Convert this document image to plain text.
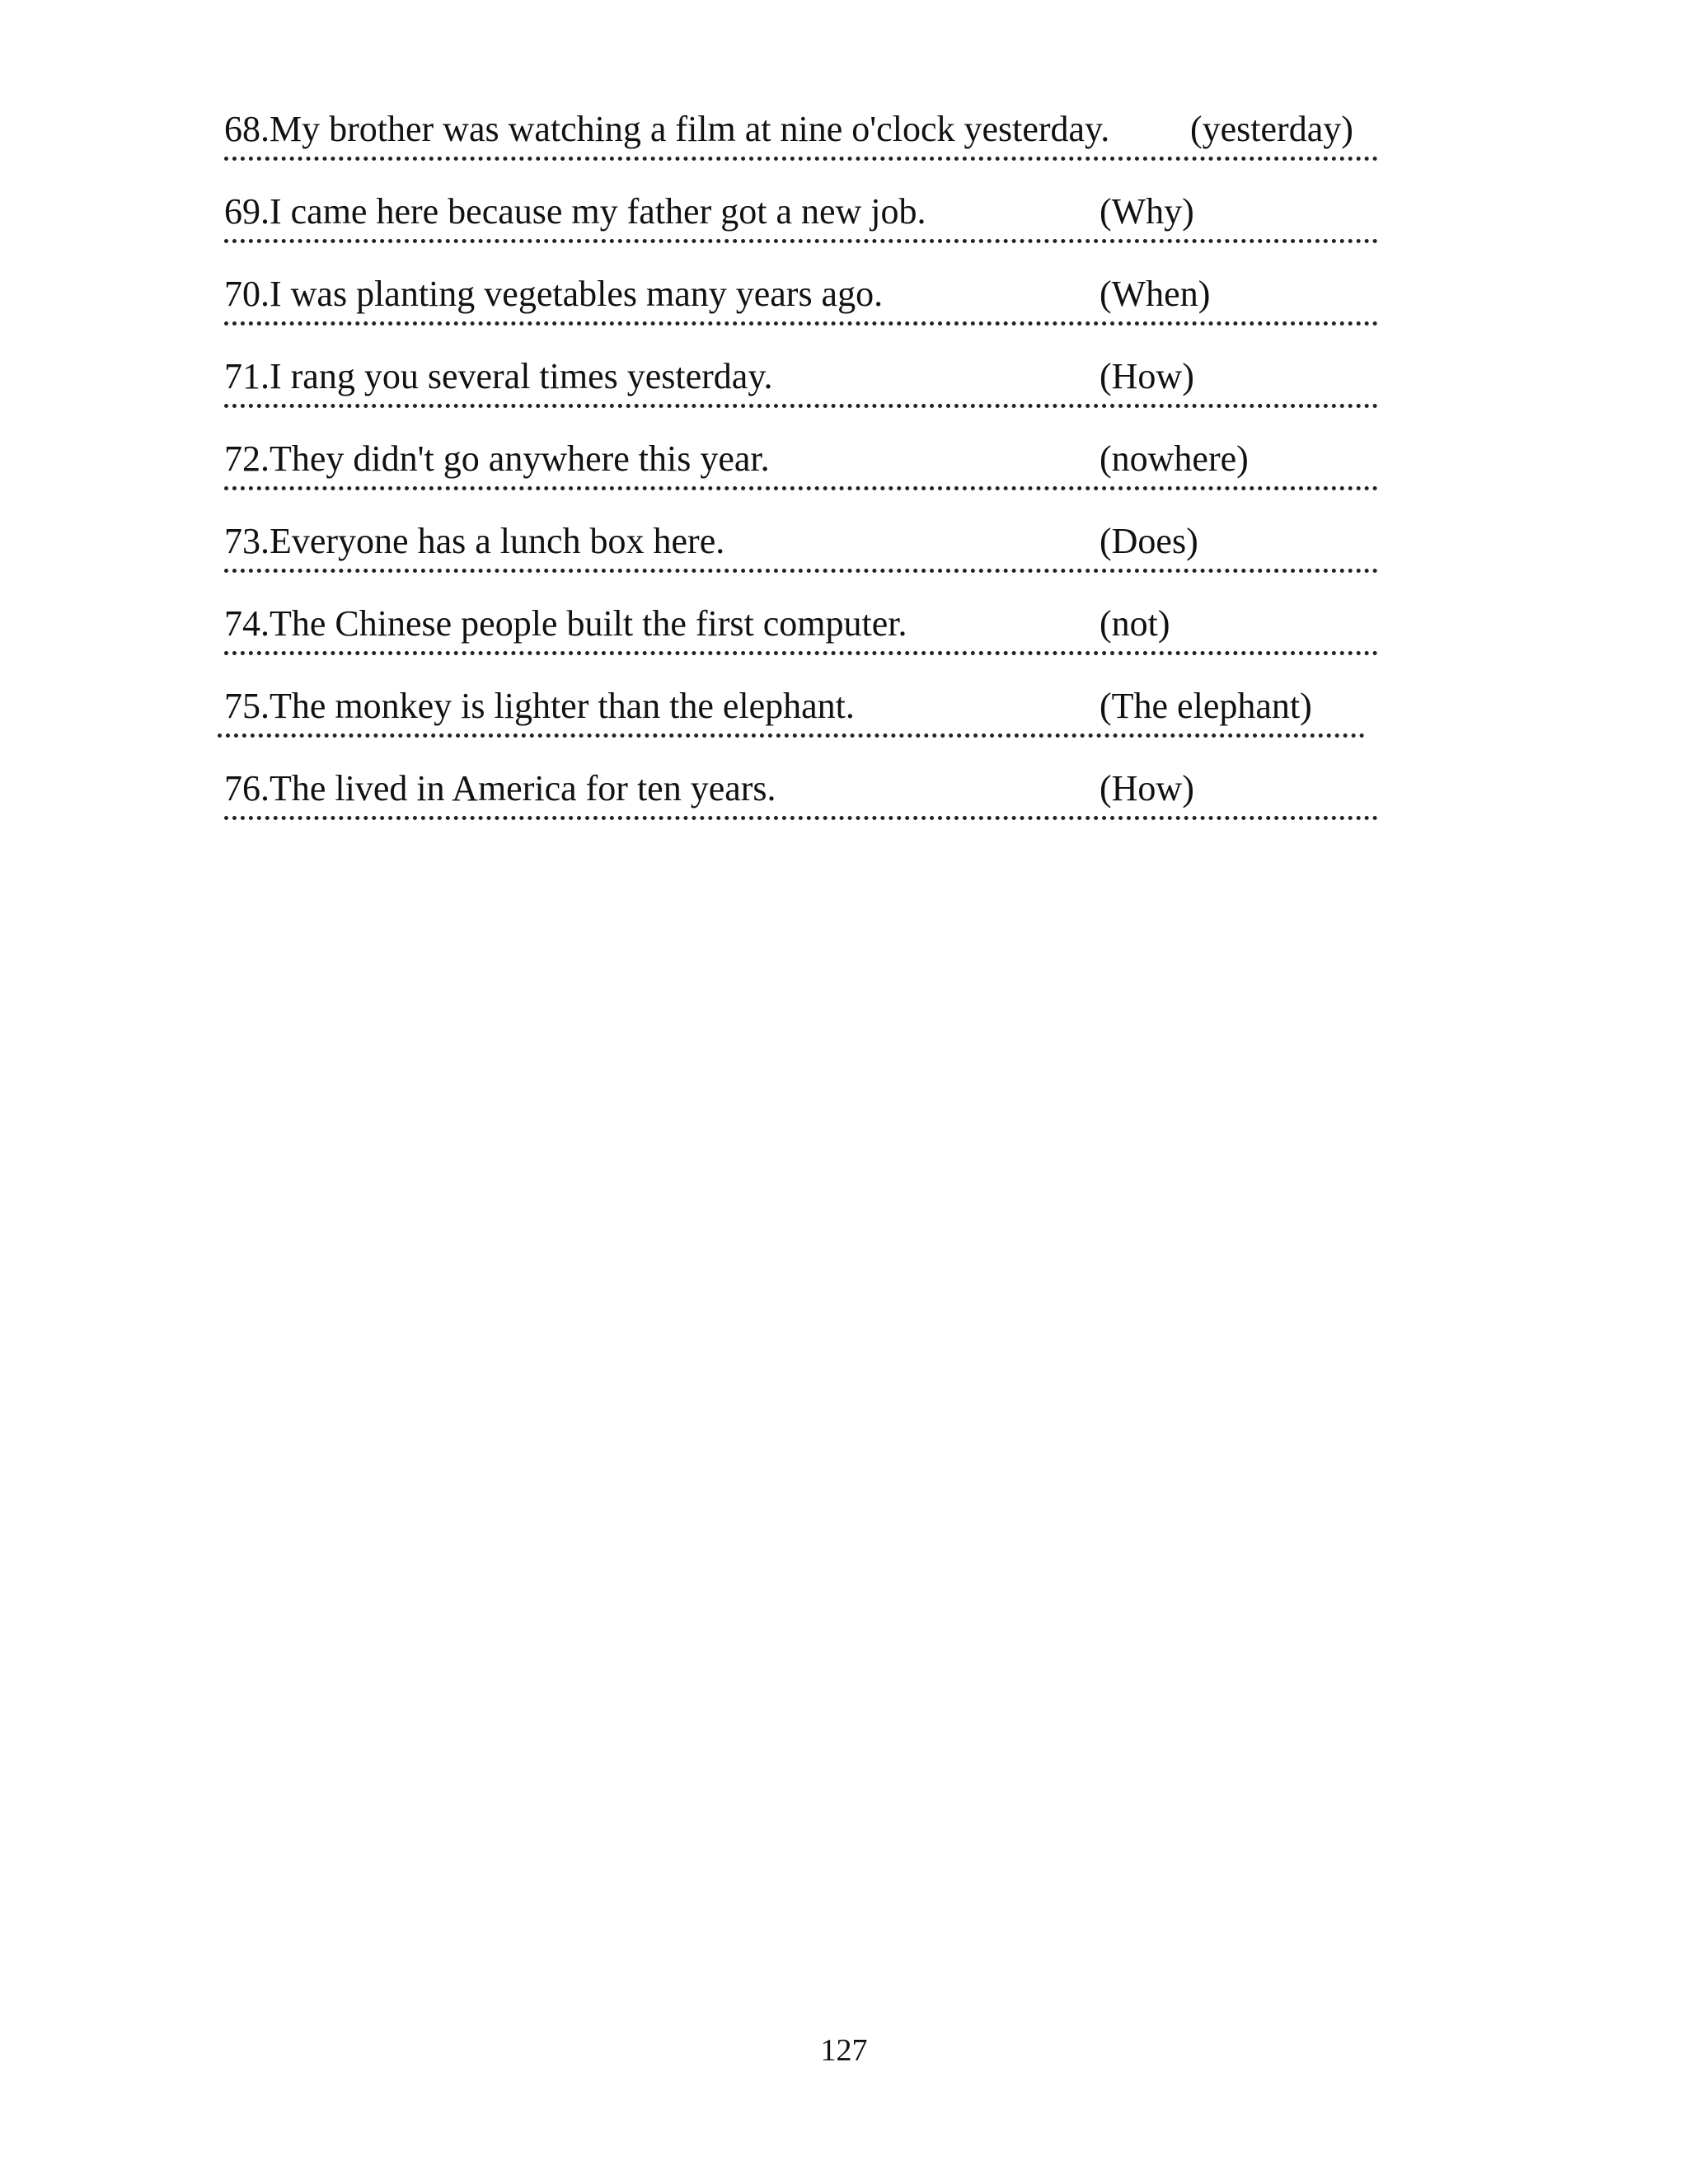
68.My brother was watching a film at nine o'clock yesterday. (yesterday)
69.I came here because my father got a new job.	(Why)
70.I was planting vegetables many years ago.	(When)
71.I rang you several times yesterday.	(How)
72.They didn't go anywhere this year.	(nowhere)
73.Everyone has a lunch box here.	(Does)
74.The Chinese people built the first computer.	(not)
75.The monkey is lighter than the elephant.	(The elephant)
76.The lived in America for ten years.	(How)
127
